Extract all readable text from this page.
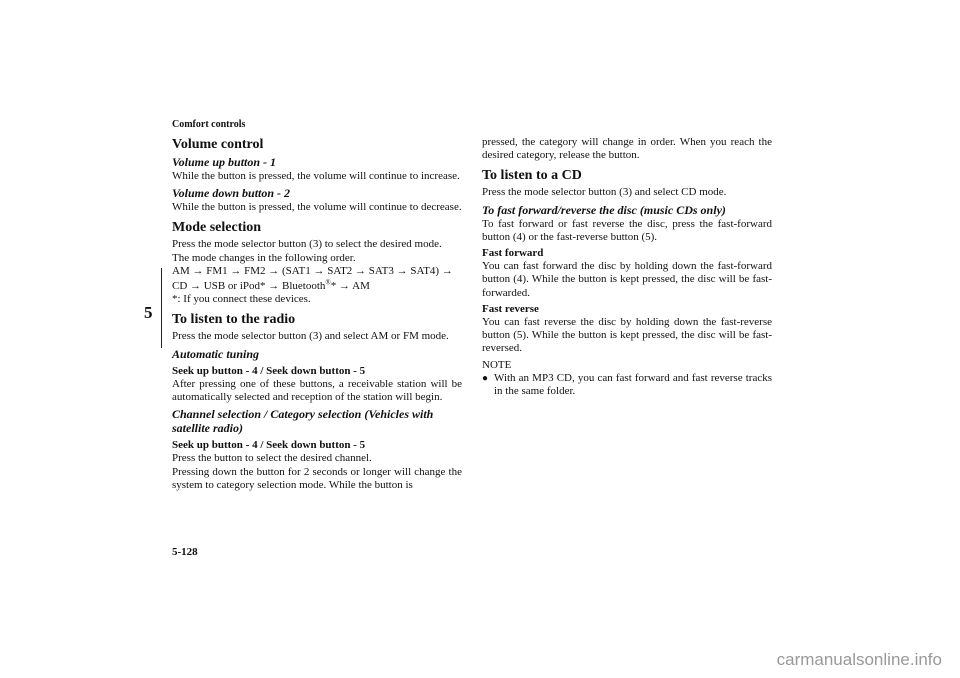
Comfort controls
5
Volume control
Volume up button - 1

While the button is pressed, the volume will continue to increase.

Volume down button - 2

While the button is pressed, the volume will continue to decrease.

Mode selection

Press the mode selector button (3) to select the desired mode.

The mode changes in the following order.

AM → FM1 → FM2 → (SAT1 → SAT2 → SAT3 → SAT4) →

CD → USB or iPod* → Bluetooth®* → AM

*: If you connect these devices.

To listen to the radio

Press the mode selector button (3) and select AM or FM mode.

Automatic tuning
Seek up button - 4 / Seek down button - 5

After pressing one of these buttons, a receivable station will be automatically selected and reception of the station will begin.

Channel selection / Category selection (Vehicles with satellite radio)
Seek up button - 4 / Seek down button - 5

Press the button to select the desired channel.

Pressing down the button for 2 seconds or longer will change the system to category selection mode. While the button is

pressed, the category will change in order. When you reach the desired category, release the button.

To listen to a CD

Press the mode selector button (3) and select CD mode.

To fast forward/reverse the disc (music CDs only)

To fast forward or fast reverse the disc, press the fast-forward button (4) or the fast-reverse button (5).

Fast forward

You can fast forward the disc by holding down the fast-forward button (4). While the button is kept pressed, the disc will be fast-forwarded.

Fast reverse

You can fast reverse the disc by holding down the fast-reverse button (5). While the button is kept pressed, the disc will be fast-reversed.

NOTE
● With an MP3 CD, you can fast forward and fast reverse tracks in the same folder.
5-128
carmanualsonline.info
